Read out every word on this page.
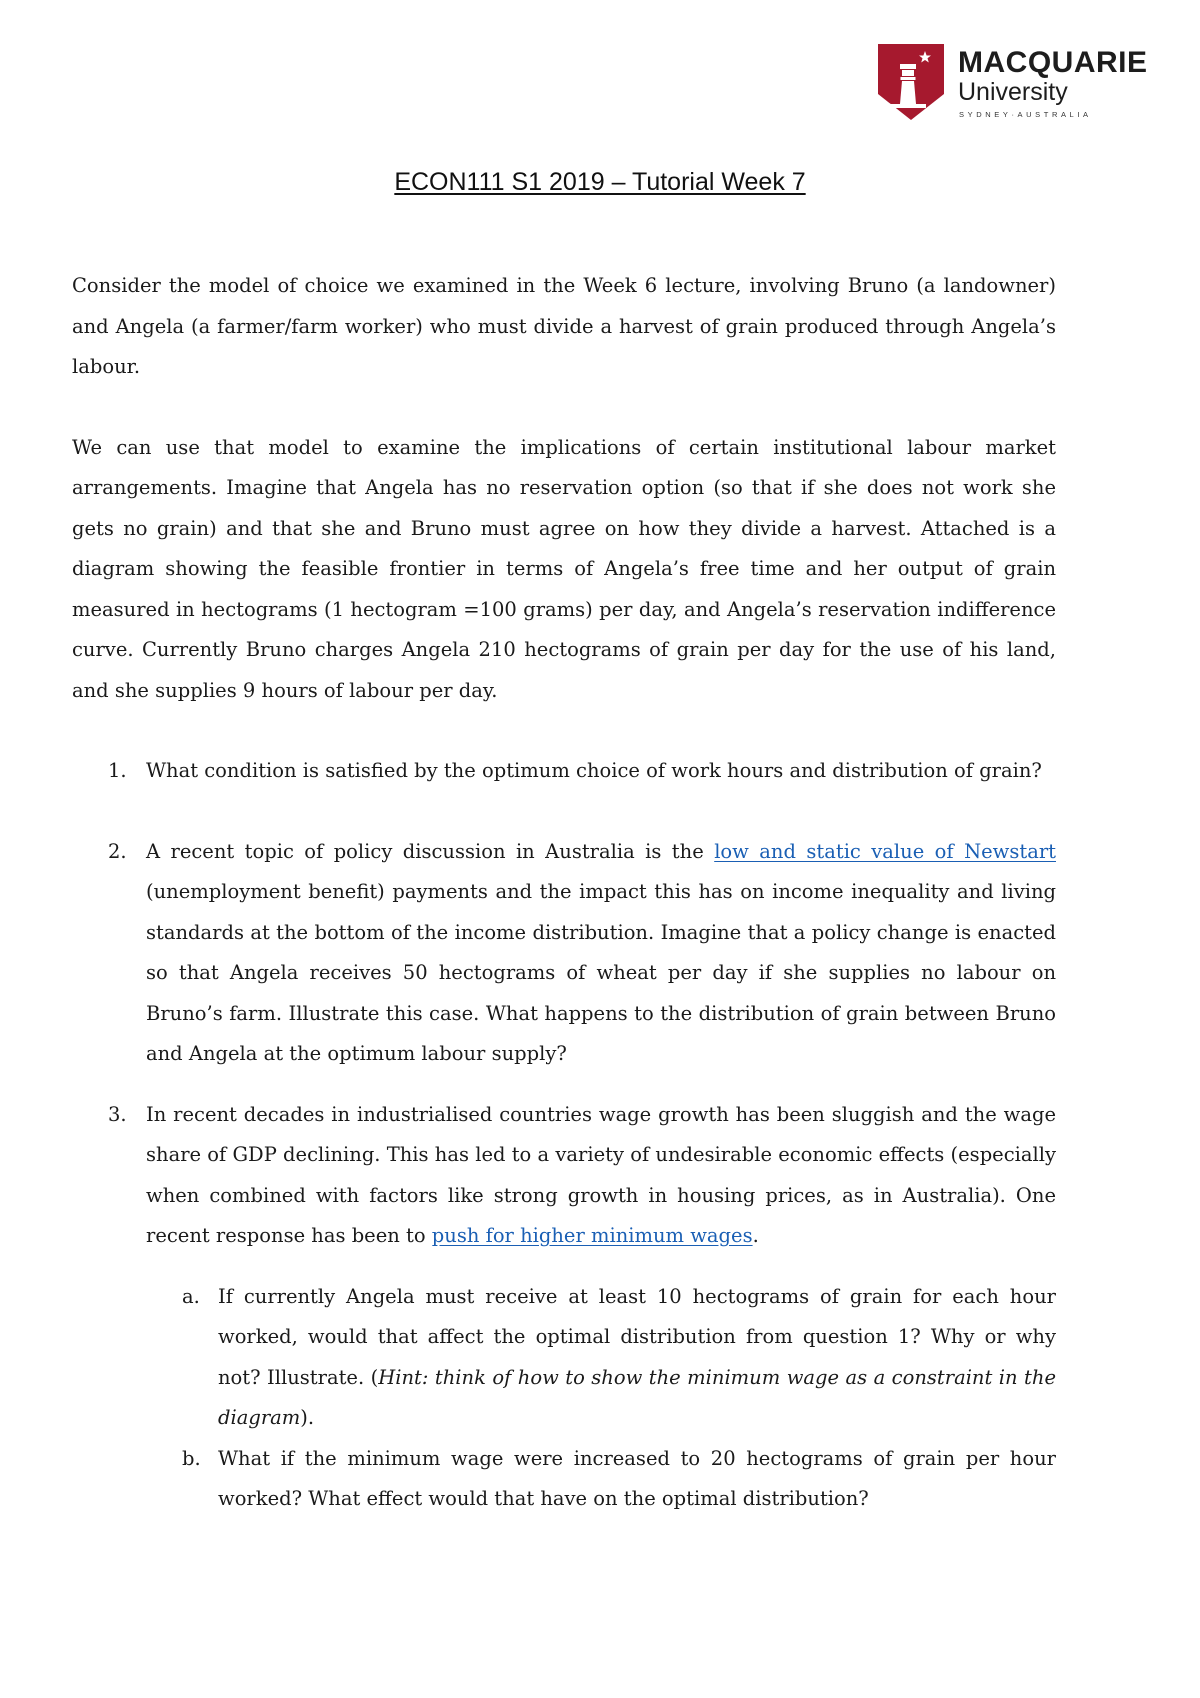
MACQUARIE
University
SYDNEY·AUSTRALIA
ECON111 S1 2019 – Tutorial Week 7

Consider the model of choice we examined in the Week 6 lecture, involving Bruno (a landowner) and Angela (a farmer/farm worker) who must divide a harvest of grain produced through Angela’s labour.

We can use that model to examine the implications of certain institutional labour market arrangements. Imagine that Angela has no reservation option (so that if she does not work she gets no grain) and that she and Bruno must agree on how they divide a harvest. Attached is a diagram showing the feasible frontier in terms of Angela’s free time and her output of grain measured in hectograms (1 hectogram =100 grams) per day, and Angela’s reservation indifference curve. Currently Bruno charges Angela 210 hectograms of grain per day for the use of his land, and she supplies 9 hours of labour per day.

1. What condition is satisfied by the optimum choice of work hours and distribution of grain?

2. A recent topic of policy discussion in Australia is the low and static value of Newstart (unemployment benefit) payments and the impact this has on income inequality and living standards at the bottom of the income distribution. Imagine that a policy change is enacted so that Angela receives 50 hectograms of wheat per day if she supplies no labour on Bruno’s farm. Illustrate this case. What happens to the distribution of grain between Bruno and Angela at the optimum labour supply?

3. In recent decades in industrialised countries wage growth has been sluggish and the wage share of GDP declining. This has led to a variety of undesirable economic effects (especially when combined with factors like strong growth in housing prices, as in Australia). One recent response has been to push for higher minimum wages.

a. If currently Angela must receive at least 10 hectograms of grain for each hour worked, would that affect the optimal distribution from question 1? Why or why not? Illustrate. (Hint: think of how to show the minimum wage as a constraint in the diagram).

b. What if the minimum wage were increased to 20 hectograms of grain per hour worked? What effect would that have on the optimal distribution?
